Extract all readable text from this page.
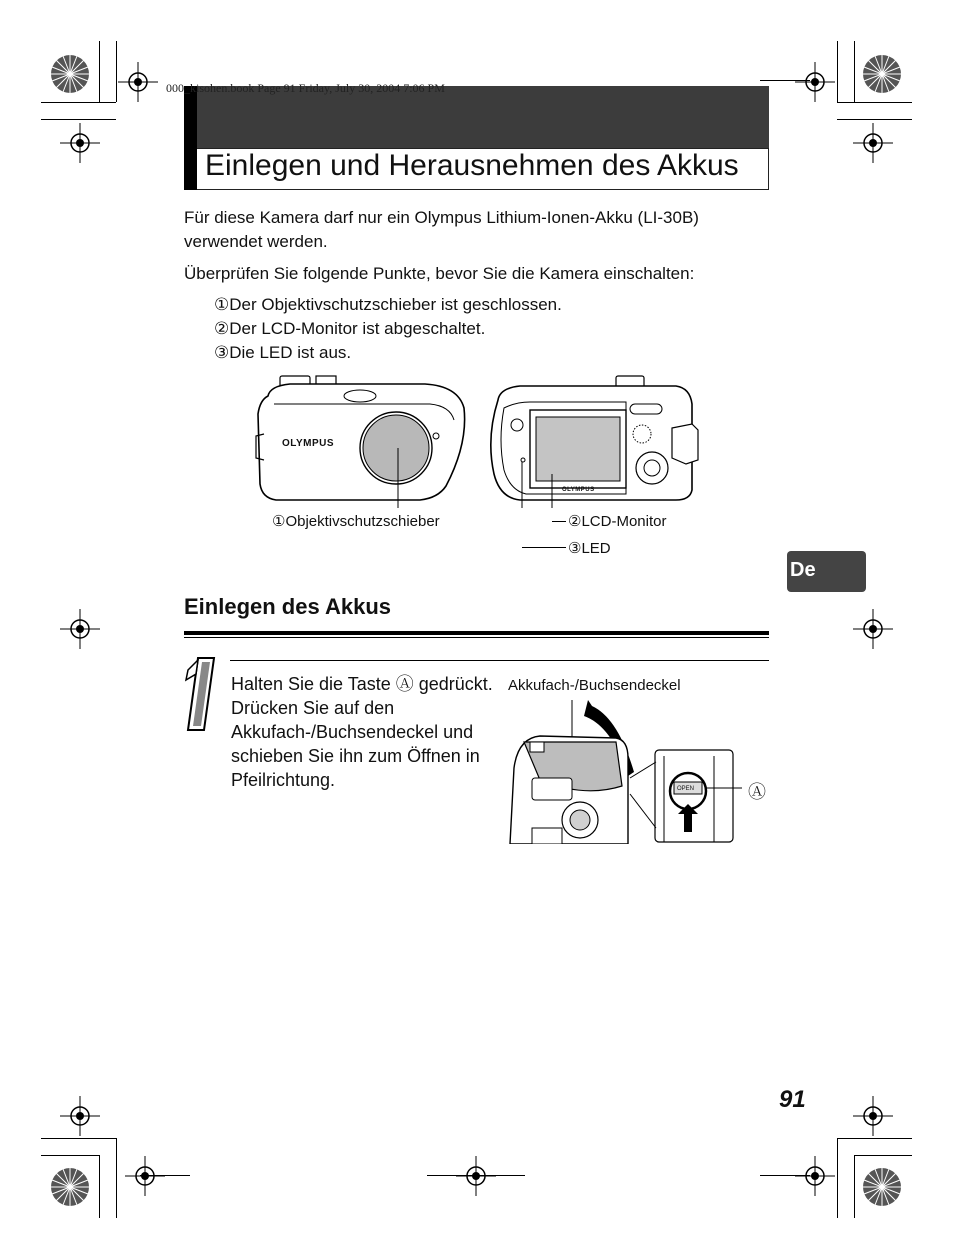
000_kisohen.book Page 91 Friday, July 30, 2004 7:06 PM
Einlegen und Herausnehmen des Akkus
Für diese Kamera darf nur ein Olympus Lithium-Ionen-Akku (LI-30B) verwendet werden.
Überprüfen Sie folgende Punkte, bevor Sie die Kamera einschalten:
①Der Objektivschutzschieber ist geschlossen.
②Der LCD-Monitor ist abgeschaltet.
③Die LED ist aus.
OLYMPUS
OLYMPUS
①Objektivschutzschieber	②LCD-Monitor
③LED
De
Einlegen des Akkus
Halten Sie die Taste Ⓐ gedrückt. Drücken Sie auf den Akkufach-/Buchsendeckel und schieben Sie ihn zum Öffnen in Pfeilrichtung.
Akkufach-/Buchsendeckel
OPEN	Ⓐ
91
